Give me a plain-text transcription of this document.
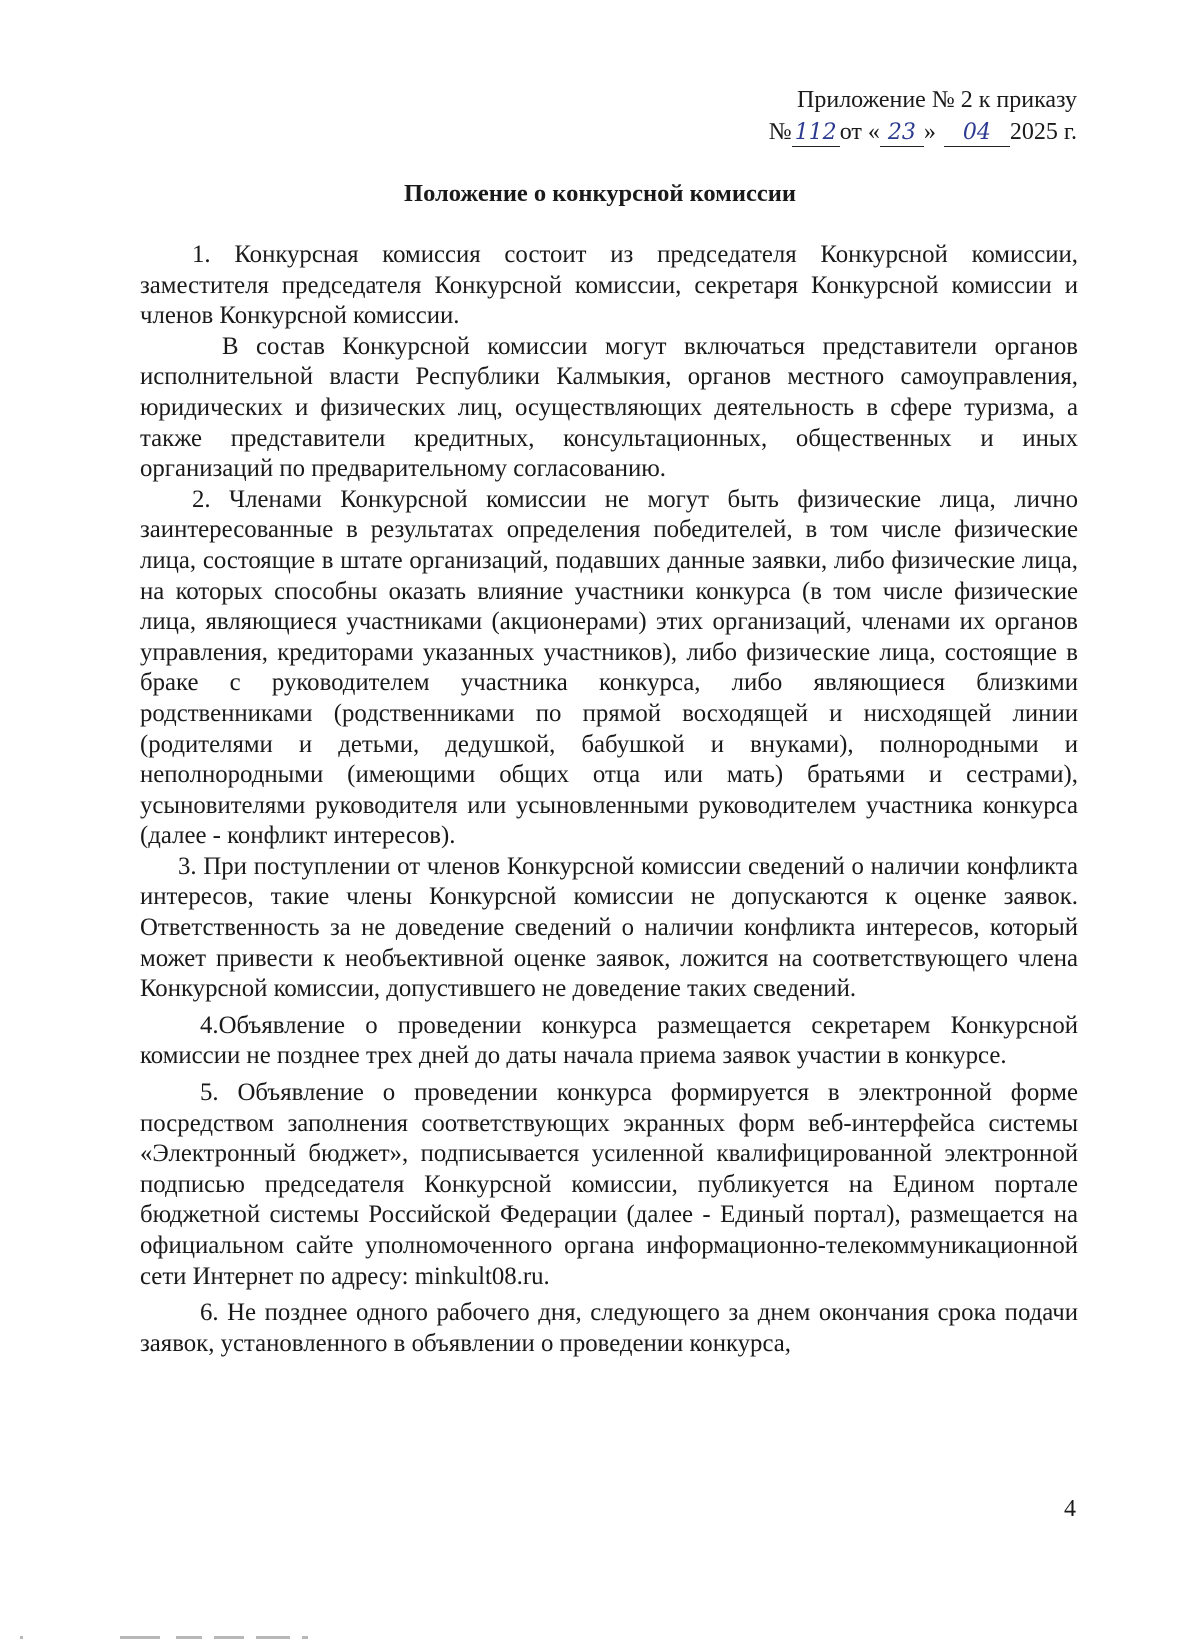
Приложение № 2 к приказу
№ 112 от « 23 »	04 2025 г.
Положение о конкурсной комиссии

1. Конкурсная комиссия состоит из председателя Конкурсной комиссии, заместителя председателя Конкурсной комиссии, секретаря Конкурсной комиссии и членов Конкурсной комиссии.

В состав Конкурсной комиссии могут включаться представители органов исполнительной власти Республики Калмыкия, органов местного самоуправления, юридических и физических лиц, осуществляющих деятельность в сфере туризма, а также представители кредитных, консультационных, общественных и иных организаций по предварительному согласованию.

2. Членами Конкурсной комиссии не могут быть физические лица, лично заинтересованные в результатах определения победителей, в том числе физические лица, состоящие в штате организаций, подавших данные заявки, либо физические лица, на которых способны оказать влияние участники конкурса (в том числе физические лица, являющиеся участниками (акционерами) этих организаций, членами их органов управления, кредиторами указанных участников), либо физические лица, состоящие в браке с руководителем участника конкурса, либо являющиеся близкими родственниками (родственниками по прямой восходящей и нисходящей линии (родителями и детьми, дедушкой, бабушкой и внуками), полнородными и неполнородными (имеющими общих отца или мать) братьями и сестрами), усыновителями руководителя или усыновленными руководителем участника конкурса (далее - конфликт интересов).

3. При поступлении от членов Конкурсной комиссии сведений о наличии конфликта интересов, такие члены Конкурсной комиссии не допускаются к оценке заявок. Ответственность за не доведение сведений о наличии конфликта интересов, который может привести к необъективной оценке заявок, ложится на соответствующего члена Конкурсной комиссии, допустившего не доведение таких сведений.

4.Объявление о проведении конкурса размещается секретарем Конкурсной комиссии не позднее трех дней до даты начала приема заявок участии в конкурсе.

5. Объявление о проведении конкурса формируется в электронной форме посредством заполнения соответствующих экранных форм веб-интерфейса системы «Электронный бюджет», подписывается усиленной квалифицированной электронной подписью председателя Конкурсной комиссии, публикуется на Едином портале бюджетной системы Российской Федерации (далее - Единый портал), размещается на официальном сайте уполномоченного органа информационно-телекоммуникационной сети Интернет по адресу: minkult08.ru.

6. Не позднее одного рабочего дня, следующего за днем окончания срока подачи заявок, установленного в объявлении о проведении конкурса,

4
